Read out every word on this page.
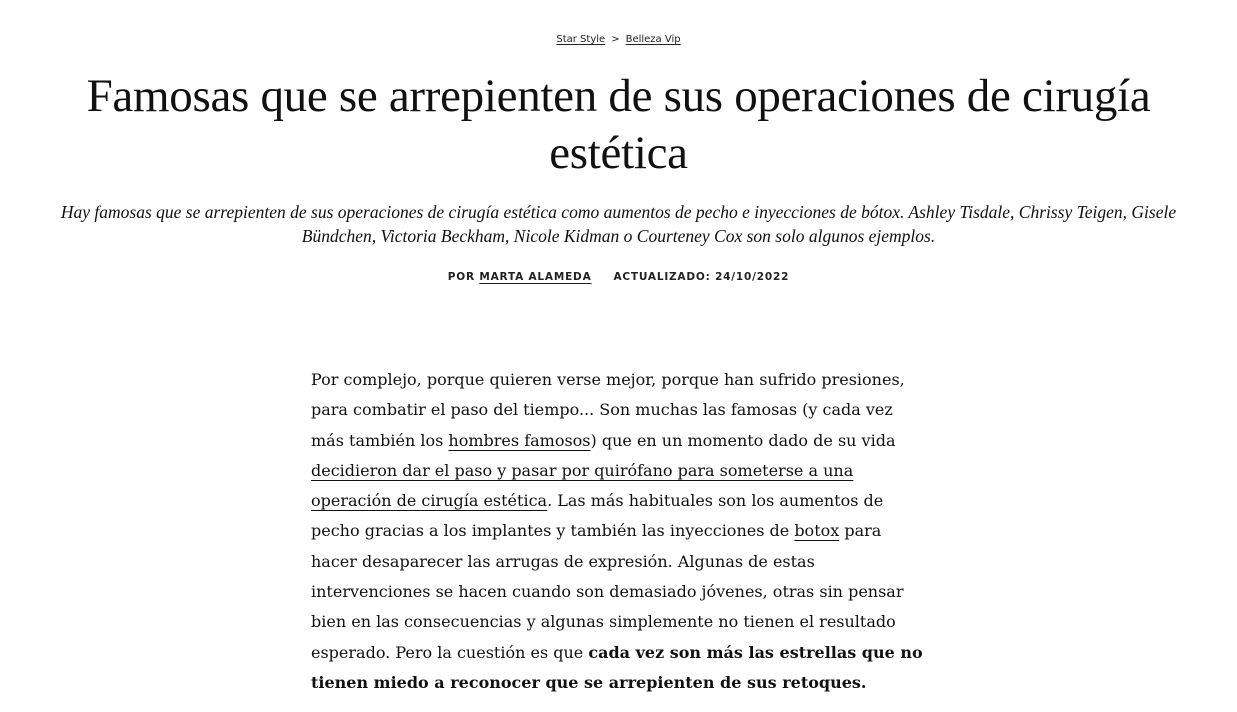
Star Style > Belleza Vip
Famosas que se arrepienten de sus operaciones de cirugía estética

Hay famosas que se arrepienten de sus operaciones de cirugía estética como aumentos de pecho e inyecciones de bótox. Ashley Tisdale, Chrissy Teigen, Gisele Bündchen, Victoria Beckham, Nicole Kidman o Courteney Cox son solo algunos ejemplos.

POR MARTA ALAMEDA ACTUALIZADO: 24/10/2022
Por complejo, porque quieren verse mejor, porque han sufrido presiones,
para combatir el paso del tiempo... Son muchas las famosas (y cada vez
más también los hombres famosos) que en un momento dado de su vida
decidieron dar el paso y pasar por quirófano para someterse a una
operación de cirugía estética. Las más habituales son los aumentos de
pecho gracias a los implantes y también las inyecciones de botox para
hacer desaparecer las arrugas de expresión. Algunas de estas
intervenciones se hacen cuando son demasiado jóvenes, otras sin pensar
bien en las consecuencias y algunas simplemente no tienen el resultado
esperado. Pero la cuestión es que cada vez son más las estrellas que no
tienen miedo a reconocer que se arrepienten de sus retoques.
